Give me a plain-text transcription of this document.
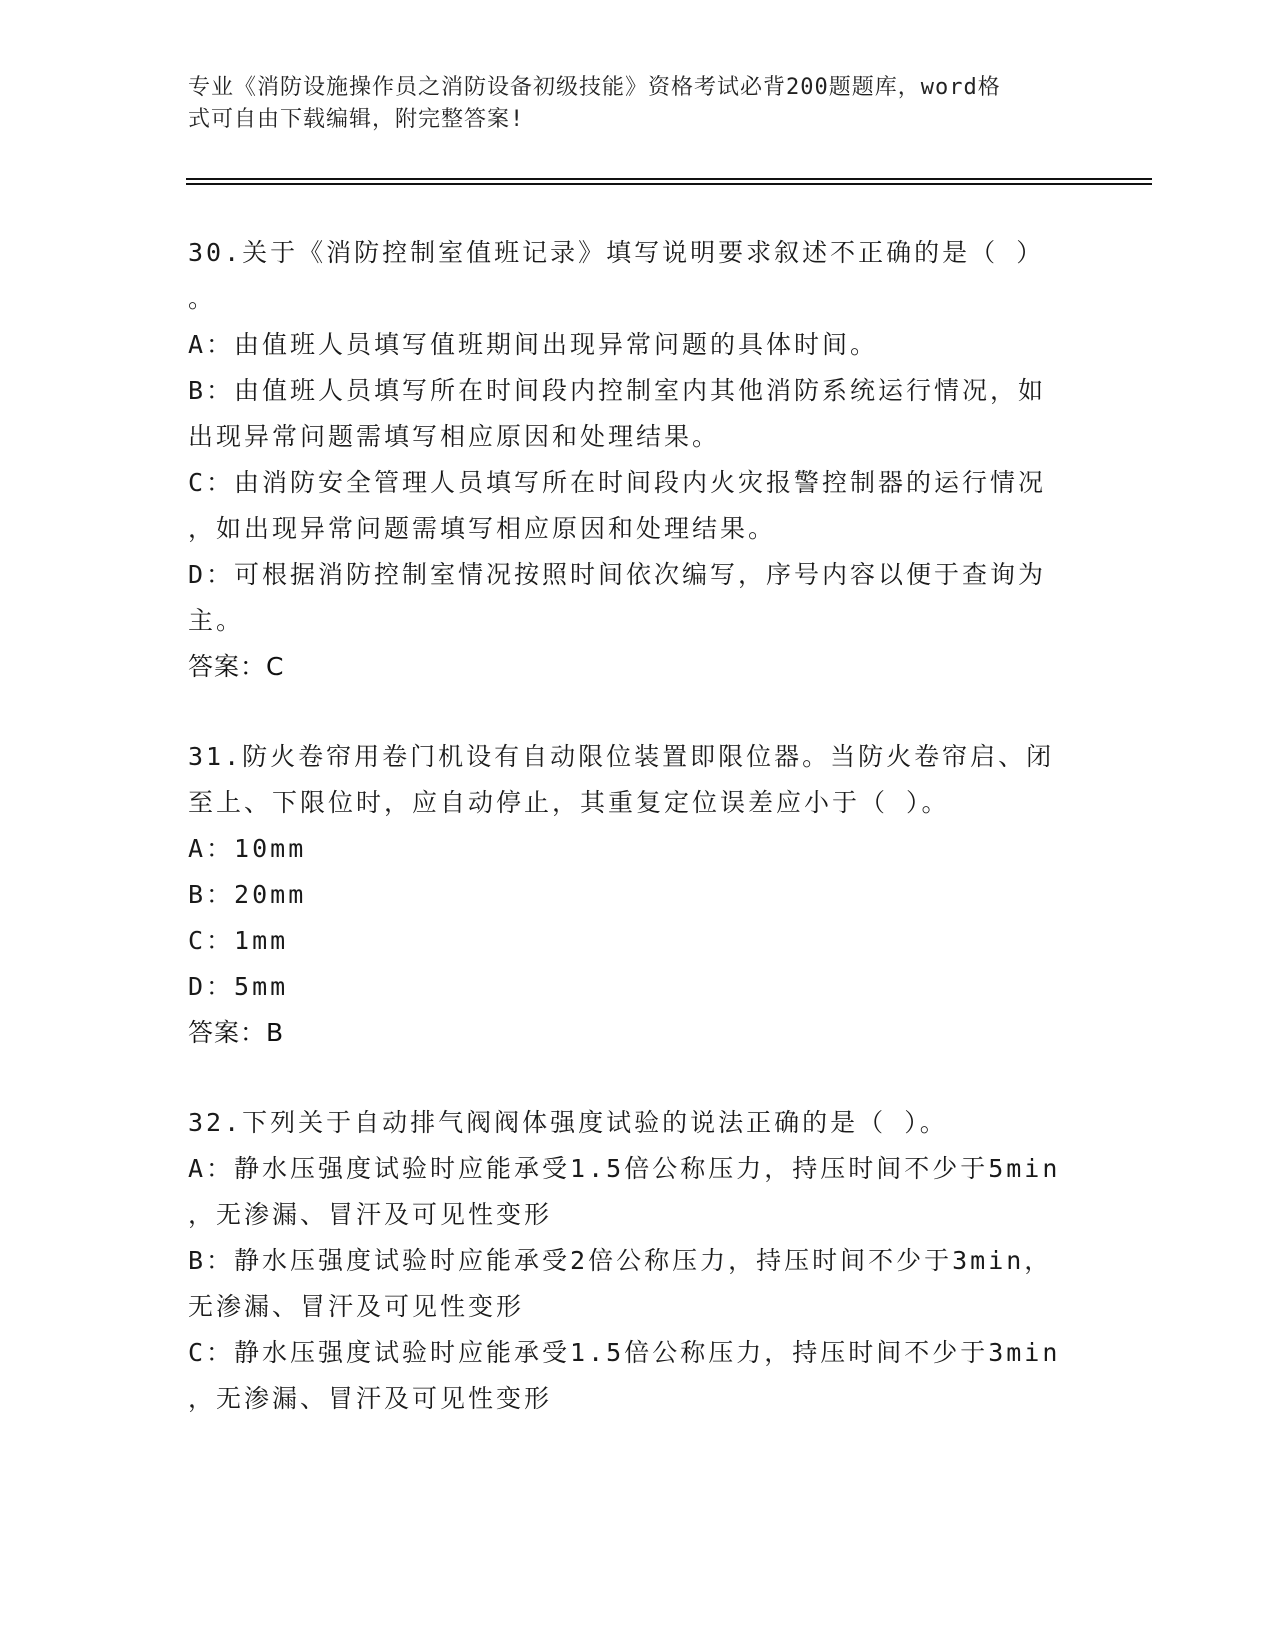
专业《消防设施操作员之消防设备初级技能》资格考试必背200题题库，word格
式可自由下载编辑，附完整答案!
30.关于《消防控制室值班记录》填写说明要求叙述不正确的是（ ）
。
A：由值班人员填写值班期间出现异常问题的具体时间。
B：由值班人员填写所在时间段内控制室内其他消防系统运行情况，如
出现异常问题需填写相应原因和处理结果。
C：由消防安全管理人员填写所在时间段内火灾报警控制器的运行情况
，如出现异常问题需填写相应原因和处理结果。
D：可根据消防控制室情况按照时间依次编写，序号内容以便于查询为
主。
答案：C
31.防火卷帘用卷门机设有自动限位装置即限位器。当防火卷帘启、闭
至上、下限位时，应自动停止，其重复定位误差应小于（ ）。
A：10mm
B：20mm
C：1mm
D：5mm
答案：B
32.下列关于自动排气阀阀体强度试验的说法正确的是（ ）。
A：静水压强度试验时应能承受1.5倍公称压力，持压时间不少于5min
，无渗漏、冒汗及可见性变形
B：静水压强度试验时应能承受2倍公称压力，持压时间不少于3min，
无渗漏、冒汗及可见性变形
C：静水压强度试验时应能承受1.5倍公称压力，持压时间不少于3min
，无渗漏、冒汗及可见性变形
